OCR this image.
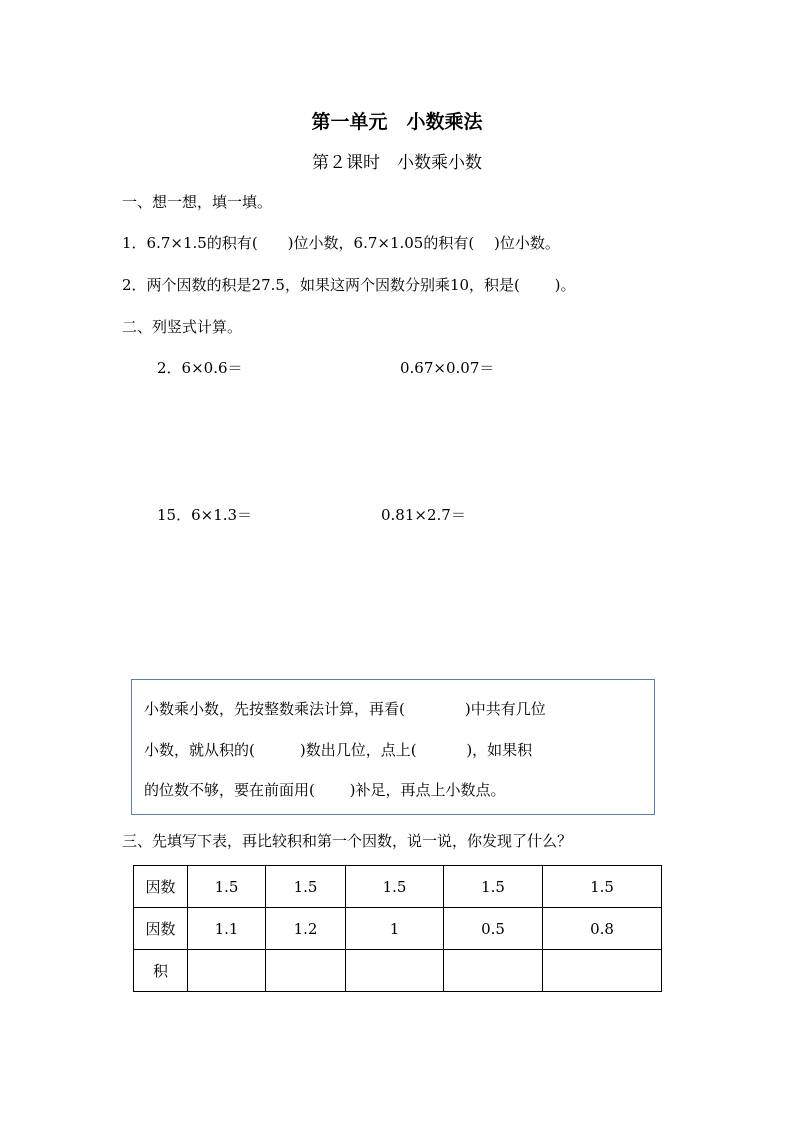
第一单元　小数乘法
第２课时　小数乘小数
一、想一想，填一填。
1．6.7×1.5的积有(　　)位小数，6.7×1.05的积有(　 )位小数。
2．两个因数的积是27.5，如果这两个因数分别乘10，积是(　　 )。
二、列竖式计算。
2．6×0.6＝	0.67×0.07＝
15．6×1.3＝	0.81×2.7＝
小数乘小数，先按整数乘法计算，再看(　　　　)中共有几位
小数，就从积的(　　　)数出几位，点上(　　　 )，如果积
的位数不够，要在前面用(　　 )补足，再点上小数点。
三、先填写下表，再比较积和第一个因数，说一说，你发现了什么？
因数	1.5	1.5	1.5	1.5	1.5
因数	1.1	1.2	1	0.5	0.8
积					
